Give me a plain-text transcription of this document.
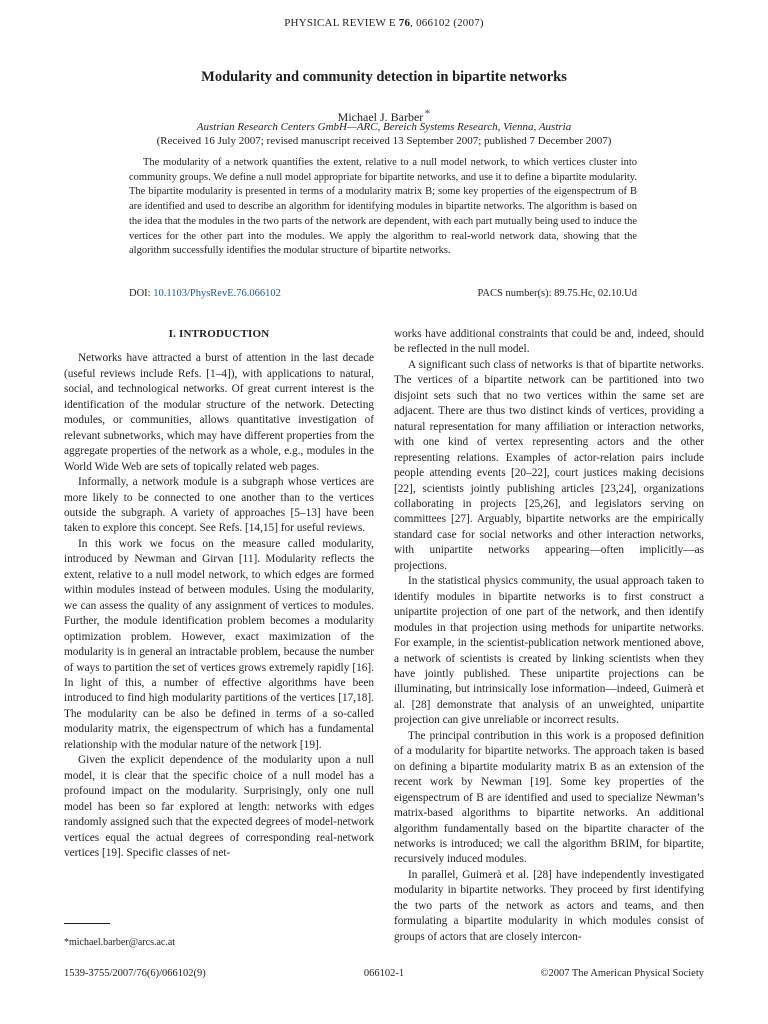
PHYSICAL REVIEW E 76, 066102 (2007)
Modularity and community detection in bipartite networks
Michael J. Barber*
Austrian Research Centers GmbH—ARC, Bereich Systems Research, Vienna, Austria
(Received 16 July 2007; revised manuscript received 13 September 2007; published 7 December 2007)

The modularity of a network quantifies the extent, relative to a null model network, to which vertices cluster into community groups. We define a null model appropriate for bipartite networks, and use it to define a bipartite modularity. The bipartite modularity is presented in terms of a modularity matrix B; some key properties of the eigenspectrum of B are identified and used to describe an algorithm for identifying modules in bipartite networks. The algorithm is based on the idea that the modules in the two parts of the network are dependent, with each part mutually being used to induce the vertices for the other part into the modules. We apply the algorithm to real-world network data, showing that the algorithm successfully identifies the modular structure of bipartite networks.

DOI: 10.1103/PhysRevE.76.066102	PACS number(s): 89.75.Hc, 02.10.Ud
I. INTRODUCTION

Networks have attracted a burst of attention in the last decade (useful reviews include Refs. [1–4]), with applications to natural, social, and technological networks. Of great current interest is the identification of the modular structure of the network. Detecting modules, or communities, allows quantitative investigation of relevant subnetworks, which may have different properties from the aggregate properties of the network as a whole, e.g., modules in the World Wide Web are sets of topically related web pages.

Informally, a network module is a subgraph whose vertices are more likely to be connected to one another than to the vertices outside the subgraph. A variety of approaches [5–13] have been taken to explore this concept. See Refs. [14,15] for useful reviews.

In this work we focus on the measure called modularity, introduced by Newman and Girvan [11]. Modularity reflects the extent, relative to a null model network, to which edges are formed within modules instead of between modules. Using the modularity, we can assess the quality of any assignment of vertices to modules. Further, the module identification problem becomes a modularity optimization problem. However, exact maximization of the modularity is in general an intractable problem, because the number of ways to partition the set of vertices grows extremely rapidly [16]. In light of this, a number of effective algorithms have been introduced to find high modularity partitions of the vertices [17,18]. The modularity can be also be defined in terms of a so-called modularity matrix, the eigenspectrum of which has a fundamental relationship with the modular nature of the network [19].

Given the explicit dependence of the modularity upon a null model, it is clear that the specific choice of a null model has a profound impact on the modularity. Surprisingly, only one null model has been so far explored at length: networks with edges randomly assigned such that the expected degrees of model-network vertices equal the actual degrees of corresponding real-network vertices [19]. Specific classes of net-

works have additional constraints that could be and, indeed, should be reflected in the null model.

A significant such class of networks is that of bipartite networks. The vertices of a bipartite network can be partitioned into two disjoint sets such that no two vertices within the same set are adjacent. There are thus two distinct kinds of vertices, providing a natural representation for many affiliation or interaction networks, with one kind of vertex representing actors and the other representing relations. Examples of actor-relation pairs include people attending events [20–22], court justices making decisions [22], scientists jointly publishing articles [23,24], organizations collaborating in projects [25,26], and legislators serving on committees [27]. Arguably, bipartite networks are the empirically standard case for social networks and other interaction networks, with unipartite networks appearing—often implicitly—as projections.

In the statistical physics community, the usual approach taken to identify modules in bipartite networks is to first construct a unipartite projection of one part of the network, and then identify modules in that projection using methods for unipartite networks. For example, in the scientist-publication network mentioned above, a network of scientists is created by linking scientists when they have jointly published. These unipartite projections can be illuminating, but intrinsically lose information—indeed, Guimerà et al. [28] demonstrate that analysis of an unweighted, unipartite projection can give unreliable or incorrect results.

The principal contribution in this work is a proposed definition of a modularity for bipartite networks. The approach taken is based on defining a bipartite modularity matrix B as an extension of the recent work by Newman [19]. Some key properties of the eigenspectrum of B are identified and used to specialize Newman’s matrix-based algorithms to bipartite networks. An additional algorithm fundamentally based on the bipartite character of the networks is introduced; we call the algorithm BRIM, for bipartite, recursively induced modules.

In parallel, Guimerà et al. [28] have independently investigated modularity in bipartite networks. They proceed by first identifying the two parts of the network as actors and teams, and then formulating a bipartite modularity in which modules consist of groups of actors that are closely intercon-

*michael.barber@arcs.ac.at
1539-3755/2007/76(6)/066102(9)	066102-1	©2007 The American Physical Society
